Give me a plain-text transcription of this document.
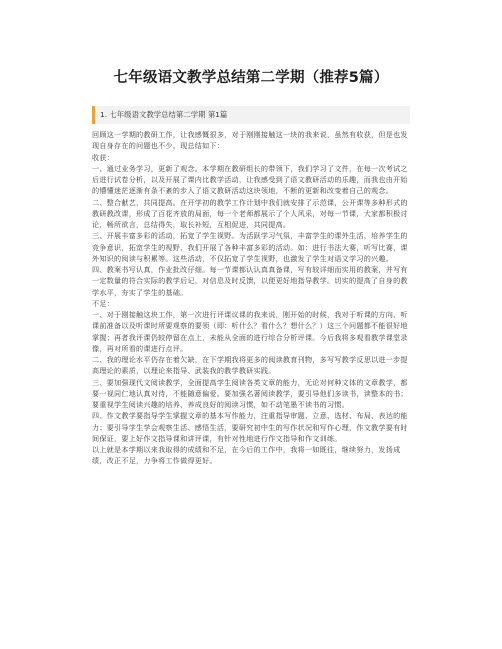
七年级语文教学总结第二学期（推荐5篇）
1. 七年级语文教学总结第二学期 第1篇

回顾这一学期的教研工作，让我感慨很多，对于刚刚接触这一块的我来说，虽然有收获，但是也发现自身存在的问题也不少。现总结如下：

收获：

一、通过业务学习，更新了观念。本学期在教研组长的带领下，我们学习了文件，在每一次考试之后进行试卷分析，以及开展了课内比教学活动，让我感受到了语文教研活动的乐趣，而我也由开始的懵懂迷茫逐渐有条不紊的步入了语文教研活动这块领地，不断的更新和改变着自己的观念。

二、整合献艺，共同提高。在开学初的教学工作计划中我们就安排了示范课，公开课等多种形式的教研教改课，形成了百花齐放的局面，每一个老师都展示了个人风采，对每一节课，大家都积极讨论，畅所欲言，总结得失，取长补短，互相促进，共同提高。

三、开展丰富多彩的活动，拓宽了学生视野。为活跃学习气氛，丰富学生的课外生活，培养学生的竞争意识，拓宽学生的视野，我们开展了各种丰富多彩的活动。如：进行书法大赛，听写比赛，课外知识的阅读与积累等。这些活动，不仅拓宽了学生视野，也激发了学生对语文学习的兴趣。

四、教案书写认真，作业批改仔细。每一节课都认认真真备课，写有较详细而实用的教案，并写有一定数量的符合实际的教学后记，对信息及时反馈，以便更好地指导教学。切实的提高了自身的教学水平，夯实了学生的基础。

不足：

一、对于刚接触这块工作，第一次进行评课议课的我来说，刚开始的时候，我对于听课的方向、听课前准备以及听课时所要观察的要领（即：听什么？看什么？想什么？）这三个问题都不能很好地掌握；再者我评课仍较停留在点上，未能从全面的进行综合分析评课。今后我将多观看教学课堂录像，再对所看的课进行点评。

二、我的理论水平仍存在着欠缺，在下学期我将更多的阅读教育刊物，多写写教学反思以进一步提高理论的素质，以理论来指导、武装我的教学教研实践。

三、要加强现代文阅读教学，全面提高学生阅读各类文章的能力，无论对何种文体的文章教学，都要一视同仁地认真对待，不能随意偏爱。要加强名著阅读教学，要引导他们多读书，读整本的书；要重视学生阅读兴趣的培养，养成良好的阅读习惯，如不动笔墨不读书的习惯。

四、作文教学要指导学生掌握文章的基本写作能力，注重指导审题、立意、选材、布局、表达的能力；要引导学生学会观察生活、感悟生活，要研究初中生的写作状况和写作心理，作文教学要有时间保证，要上好作文指导课和讲评课，有针对性地进行作文指导和作文训练。

以上就是本学期以来我取得的成绩和不足，在今后的工作中，我将一如既往，继续努力，发扬成绩，改正不足，力争将工作做得更好。
